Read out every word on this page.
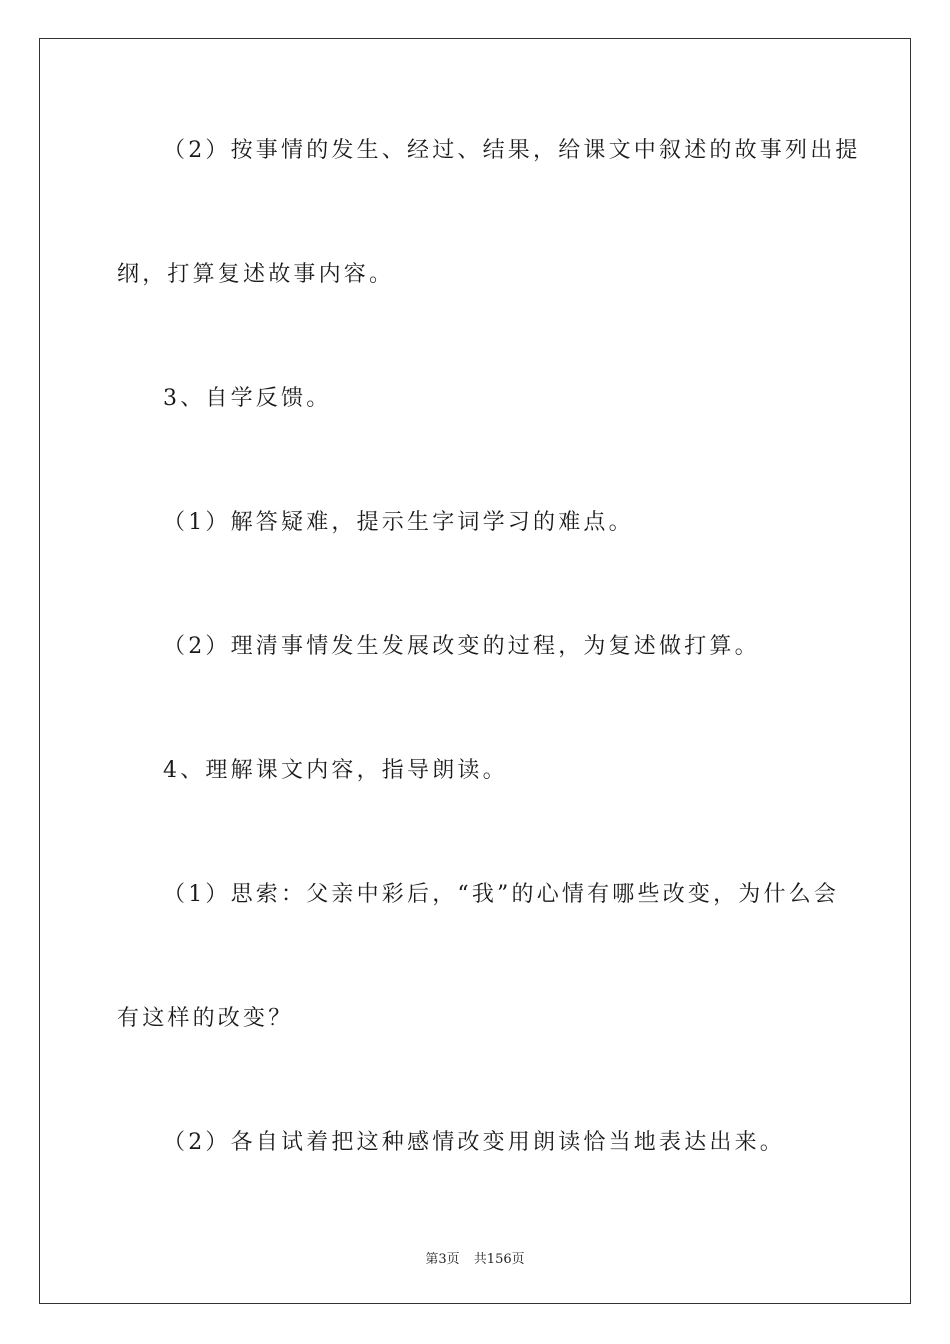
（2）按事情的发生、经过、结果，给课文中叙述的故事列出提
纲，打算复述故事内容。
3、自学反馈。
（1）解答疑难，提示生字词学习的难点。
（2）理清事情发生发展改变的过程，为复述做打算。
4、理解课文内容，指导朗读。
（1）思索：父亲中彩后，“我”的心情有哪些改变，为什么会
有这样的改变？
（2）各自试着把这种感情改变用朗读恰当地表达出来。
第3页 共156页
